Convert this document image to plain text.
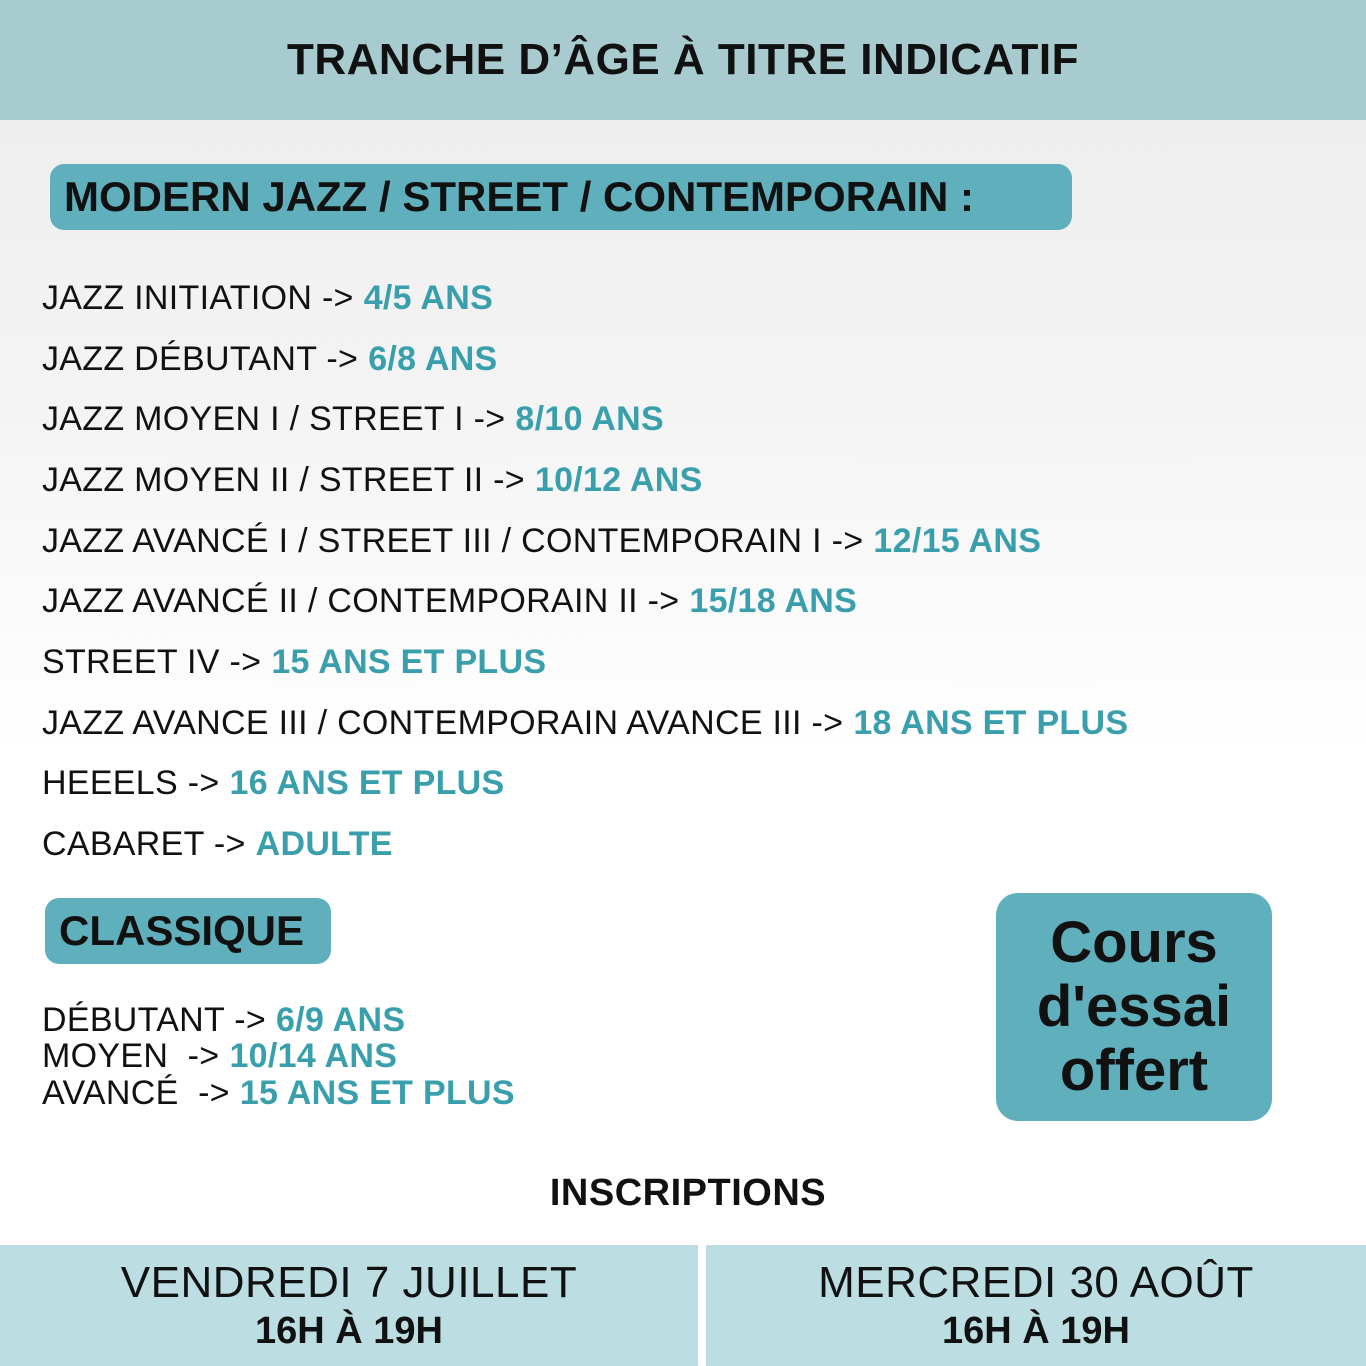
TRANCHE D’ÂGE À TITRE INDICATIF
MODERN JAZZ / STREET / CONTEMPORAIN :
JAZZ INITIATION -> 4/5 ANS
JAZZ DÉBUTANT -> 6/8 ANS
JAZZ MOYEN I / STREET I -> 8/10 ANS
JAZZ MOYEN II / STREET II -> 10/12 ANS
JAZZ AVANCÉ I / STREET III / CONTEMPORAIN I -> 12/15 ANS
JAZZ AVANCÉ II / CONTEMPORAIN II -> 15/18 ANS
STREET IV -> 15 ANS ET PLUS
JAZZ AVANCE III / CONTEMPORAIN AVANCE III -> 18 ANS ET PLUS
HEEELS -> 16 ANS ET PLUS
CABARET -> ADULTE
CLASSIQUE
DÉBUTANT -> 6/9 ANS
MOYEN  -> 10/14 ANS
AVANCÉ  -> 15 ANS ET PLUS
Cours
d'essai
offert
INSCRIPTIONS
VENDREDI 7 JUILLET
16H À 19H
MERCREDI 30 AOÛT
16H À 19H
